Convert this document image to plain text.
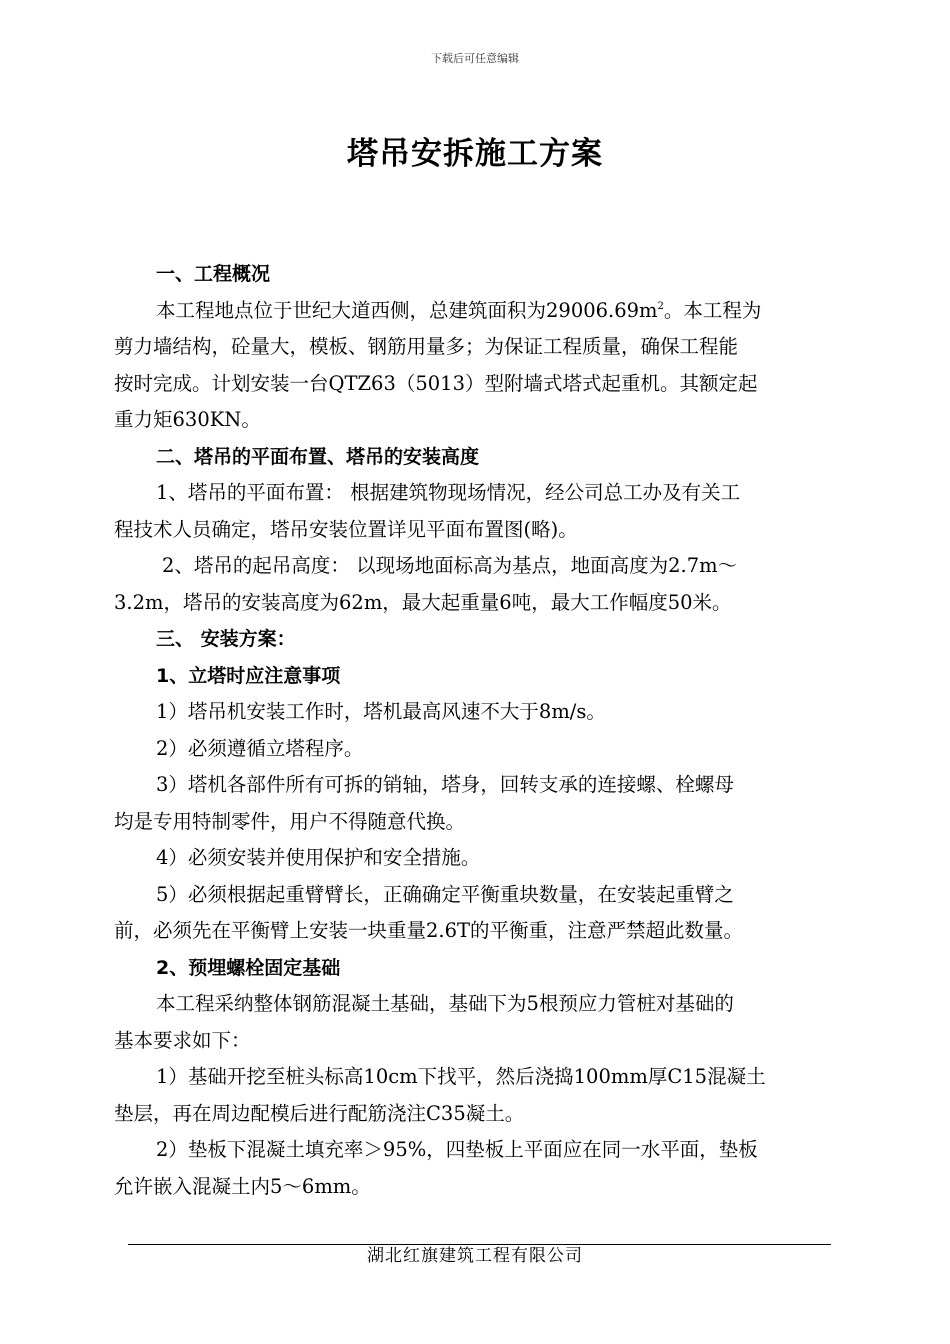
下载后可任意编辑
塔吊安拆施工方案
一、工程概况
本工程地点位于世纪大道西侧，总建筑面积为$29006.69m^2$。本工程为
剪力墙结构，砼量大，模板、钢筋用量多；为保证工程质量，确保工程能
按时完成。计划安装一台QTZ63（5013）型附墙式塔式起重机。其额定起
重力矩630KN。
二、塔吊的平面布置、塔吊的安装高度
1、塔吊的平面布置： 根据建筑物现场情况，经公司总工办及有关工
程技术人员确定，塔吊安装位置详见平面布置图(略)。
2、塔吊的起吊高度： 以现场地面标高为基点，地面高度为2.7m～
3.2m，塔吊的安装高度为62m，最大起重量6吨，最大工作幅度50米。
三、 安装方案：
1、立塔时应注意事项
1）塔吊机安装工作时，塔机最高风速不大于8m/s。
2）必须遵循立塔程序。
3）塔机各部件所有可拆的销轴，塔身，回转支承的连接螺、栓螺母
均是专用特制零件，用户不得随意代换。
4）必须安装并使用保护和安全措施。
5）必须根据起重臂臂长，正确确定平衡重块数量，在安装起重臂之
前，必须先在平衡臂上安装一块重量2.6T的平衡重，注意严禁超此数量。
2、预埋螺栓固定基础
本工程采纳整体钢筋混凝土基础，基础下为5根预应力管桩对基础的
基本要求如下：
1）基础开挖至桩头标高10cm下找平，然后浇捣100mm厚C15混凝土
垫层，再在周边配模后进行配筋浇注C35凝土。
2）垫板下混凝土填充率＞95%，四垫板上平面应在同一水平面，垫板
允许嵌入混凝土内5～6mm。
湖北红旗建筑工程有限公司
